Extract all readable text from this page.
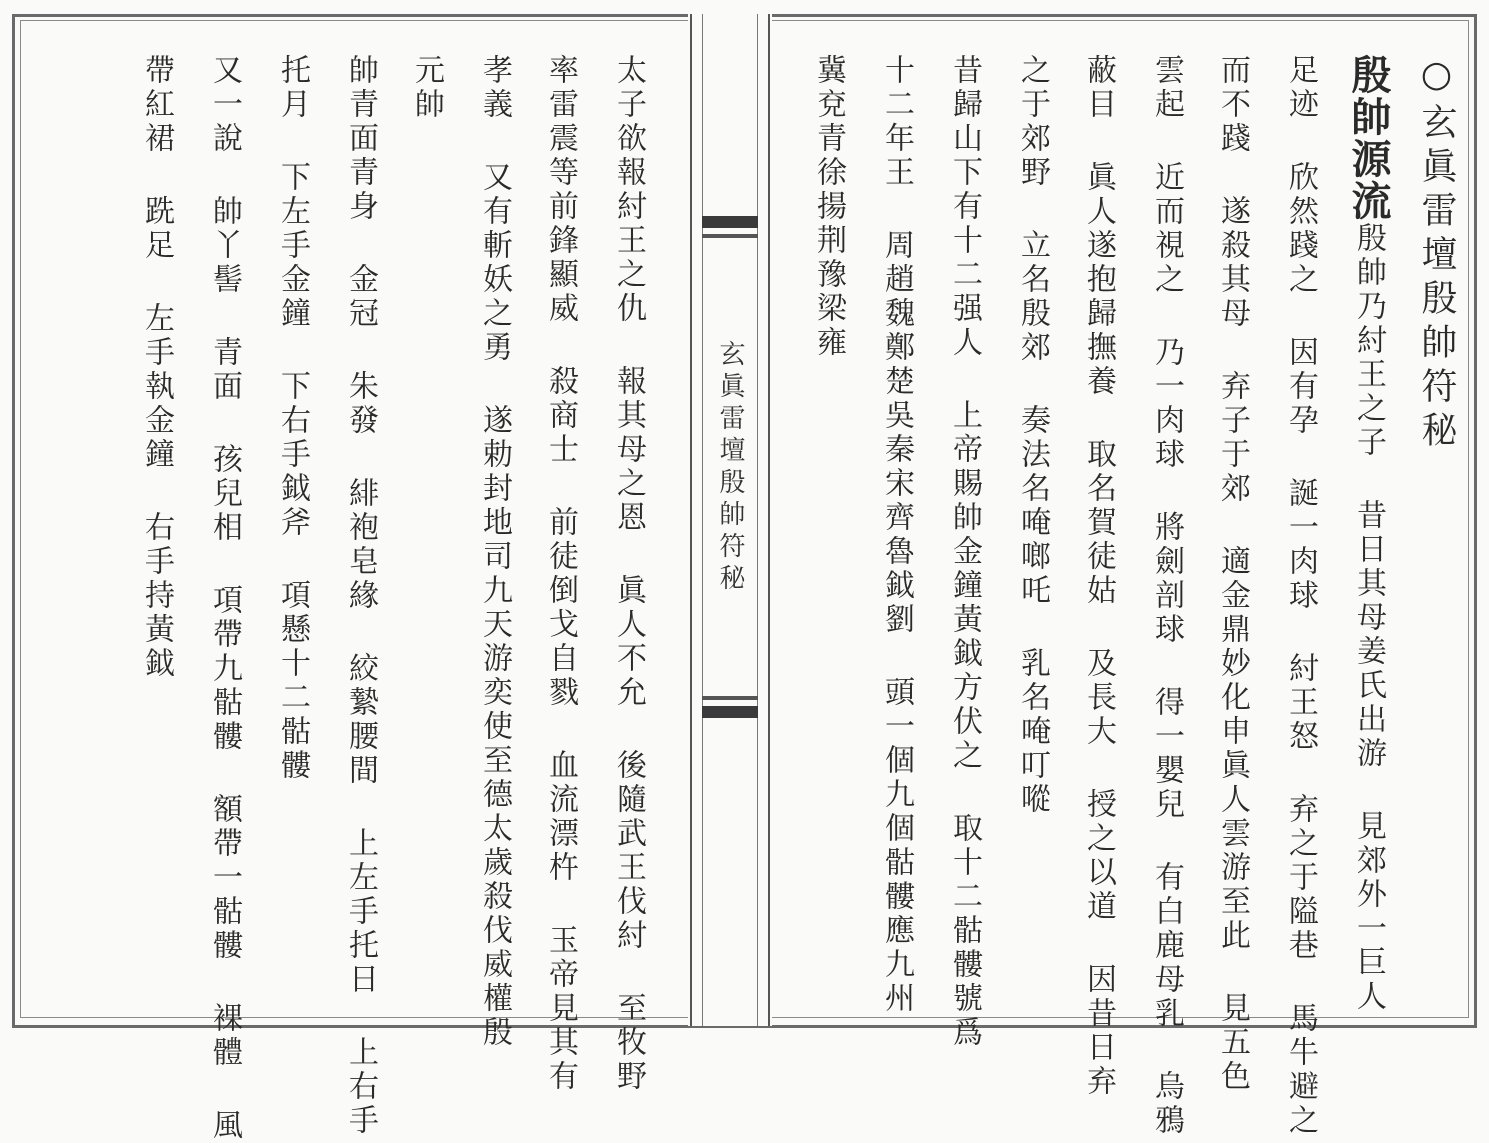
○玄眞雷壇殷帥符秘
殷帥源流殷帥乃紂王之子 昔日其母姜氏出游 見郊外一巨人
足迹 欣然踐之 因有孕 誕一肉球 紂王怒 弃之于隘巷 馬牛避之
而不踐 遂殺其母 弃子于郊 適金鼎妙化申眞人雲游至此 見五色
雲起 近而視之 乃一肉球 將劍剖球 得一嬰兒 有白鹿母乳 烏鴉
蔽目 眞人遂抱歸撫養 取名賀徒姑 及長大 授之以道 因昔日弃
之于郊野 立名殷郊 奏法名唵啷吒 乳名唵叮㗰
昔歸山下有十二强人 上帝賜帥金鐘黃鉞方伏之 取十二骷髏號爲
十二年王 周趙魏鄭楚吳秦宋齊魯鉞劉 頭一個九個骷髏應九州
冀兗青徐揚荆豫梁雍
玄眞雷壇殷帥符秘
太子欲報紂王之仇 報其母之恩 眞人不允 後隨武王伐紂 至牧野
率雷震等前鋒顯威 殺商士 前徒倒戈自戮 血流漂杵 玉帝見其有
孝義 又有斬妖之勇 遂勅封地司九天游奕使至德太歲殺伐威權殷
元帥
帥青面青身 金冠 朱發 緋袍皂緣 絞縶腰間 上左手托日 上右手
托月 下左手金鐘 下右手鉞斧 項懸十二骷髏
又一說 帥丫髻 青面 孩兒相 項帶九骷髏 額帶一骷髏 裸體 風
帶紅裙 跣足 左手執金鐘 右手持黃鉞
